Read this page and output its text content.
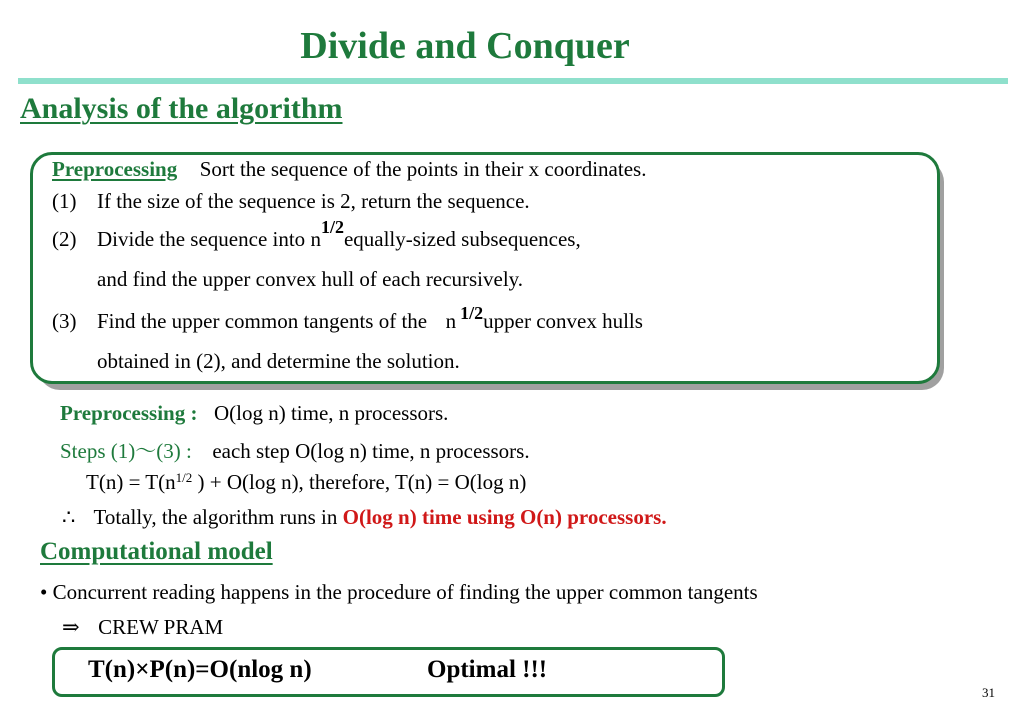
Divide and Conquer
Analysis of the algorithm
Preprocessing Sort the sequence of the points in their x coordinates.
(1) If the size of the sequence is 2, return the sequence.
(2) Divide the sequence into n1/2equally-sized subsequences,
and find the upper convex hull of each recursively.
(3) Find the upper common tangents of the n 1/2upper convex hulls
obtained in (2), and determine the solution.
Preprocessing : O(log n) time, n processors.
Steps (1)～(3) : each step O(log n) time, n processors.
$T(n) = T(n^{1/2}$ ) + O(log n), therefore, T(n) = O(log n)
∴ Totally, the algorithm runs in O(log n) time using O(n) processors.
Computational model
• Concurrent reading happens in the procedure of finding the upper common tangents
⇒ CREW PRAM
T(n)×P(n)=O(nlog n)	Optimal !!!
31
